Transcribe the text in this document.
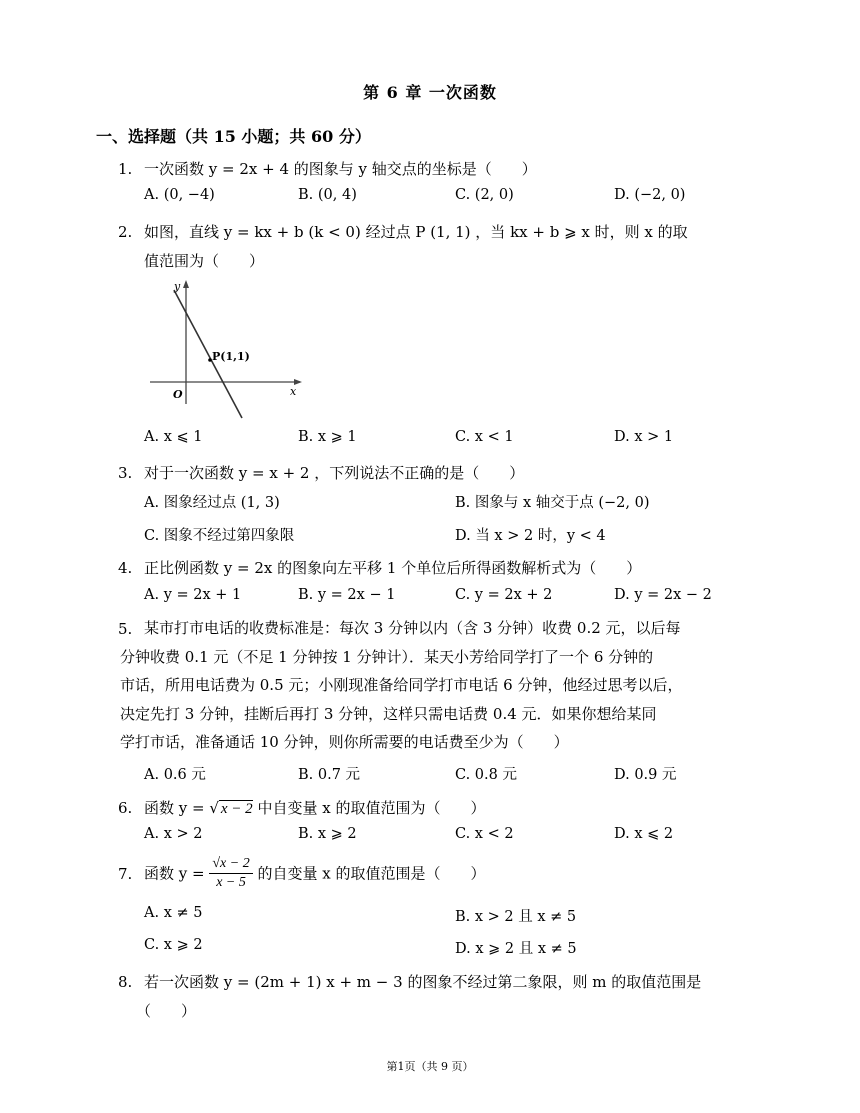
第 6 章 一次函数
一、选择题（共 15 小题；共 60 分）
1. 一次函数 y = 2x + 4 的图象与 y 轴交点的坐标是（　　）
A. (0, −4)	B. (0, 4)	C. (2, 0)	D. (−2, 0)
2. 如图，直线 y = kx + b (k < 0) 经过点 P (1, 1) ，当 kx + b ⩾ x 时，则 x 的取
值范围为（　　）
y
x
O
P(1,1)
A. x ⩽ 1	B. x ⩾ 1	C. x < 1	D. x > 1
3. 对于一次函数 y = x + 2 ，下列说法不正确的是（　　）
A. 图象经过点 (1, 3)	B. 图象与 x 轴交于点 (−2, 0)
C. 图象不经过第四象限	D. 当 x > 2 时，y < 4
4. 正比例函数 y = 2x 的图象向左平移 1 个单位后所得函数解析式为（　　）
A. y = 2x + 1	B. y = 2x − 1	C. y = 2x + 2	D. y = 2x − 2
5. 某市打市电话的收费标准是：每次 3 分钟以内（含 3 分钟）收费 0.2 元，以后每
分钟收费 0.1 元（不足 1 分钟按 1 分钟计）．某天小芳给同学打了一个 6 分钟的
市话，所用电话费为 0.5 元；小刚现准备给同学打市电话 6 分钟，他经过思考以后，
决定先打 3 分钟，挂断后再打 3 分钟，这样只需电话费 0.4 元．如果你想给某同
学打市话，准备通话 10 分钟，则你所需要的电话费至少为（　　）
A. 0.6 元	B. 0.7 元	C. 0.8 元	D. 0.9 元
6. 函数 y = √ x − 2 中自变量 x 的取值范围为（　　）
A. x > 2	B. x ⩾ 2	C. x < 2	D. x ⩽ 2
7. 函数 $y = \frac{√x - 2}{x - 5}$ 的自变量 x 的取值范围是（　　）
A. x ≠ 5	B. x > 2 且 x ≠ 5
C. x ⩾ 2	D. x ⩾ 2 且 x ≠ 5
8. 若一次函数 y = (2m + 1) x + m − 3 的图象不经过第二象限，则 m 的取值范围是
（　　）
第1页（共 9 页）
